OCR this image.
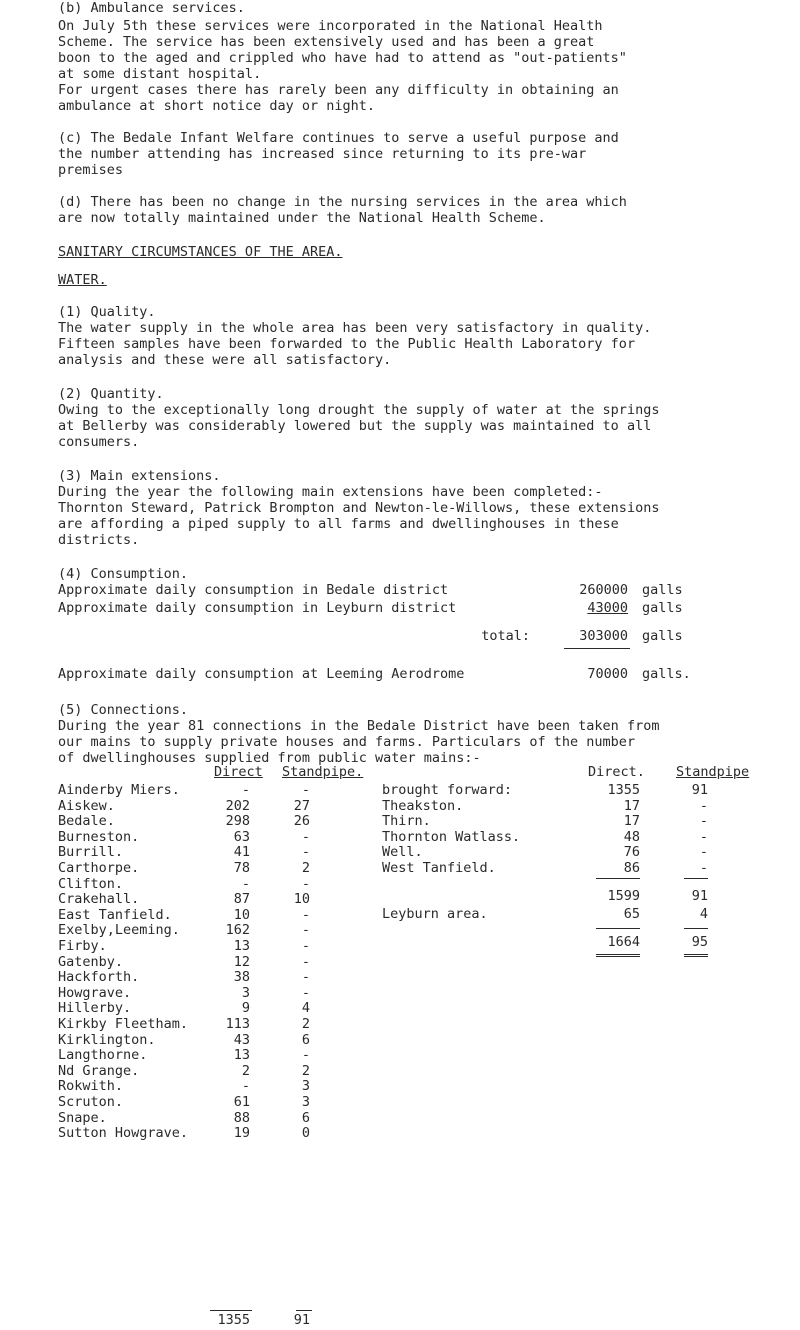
(b) Ambulance services.
On July 5th these services were incorporated in the National Health
Scheme. The service has been extensively used and has been a great
boon to the aged and crippled who have had to attend as "out-patients"
at some distant hospital.
For urgent cases there has rarely been any difficulty in obtaining an
ambulance at short notice day or night.
(c) The Bedale Infant Welfare continues to serve a useful purpose and
the number attending has increased since returning to its pre-war
premises
(d) There has been no change in the nursing services in the area which
are now totally maintained under the National Health Scheme.
SANITARY CIRCUMSTANCES OF THE AREA.
WATER.
(1) Quality.
The water supply in the whole area has been very satisfactory in quality.
Fifteen samples have been forwarded to the Public Health Laboratory for
analysis and these were all satisfactory.
(2) Quantity.
Owing to the exceptionally long drought the supply of water at the springs
at Bellerby was considerably lowered but the supply was maintained to all
consumers.
(3) Main extensions.
During the year the following main extensions have been completed:-
Thornton Steward, Patrick Brompton and Newton-le-Willows, these extensions
are affording a piped supply to all farms and dwellinghouses in these
districts.
(4) Consumption.
Approximate daily consumption in Bedale district	260000 galls
Approximate daily consumption in Leyburn district	43000 galls
total:	303000 galls
Approximate daily consumption at Leeming Aerodrome	70000 galls.
(5) Connections.
During the year 81 connections in the Bedale District have been taken from
our mains to supply private houses and farms. Particulars of the number
of dwellinghouses supplied from public water mains:-
Direct Standpipe.	Direct. Standpipe
Ainderby Miers.	-	-
Aiskew.	202	27
Bedale.	298	26
Burneston.	63	-
Burrill.	41	-
Carthorpe.	78	2
Clifton.	-	-
Crakehall.	87	10
East Tanfield.	10	-
Exelby,Leeming.	162	-
Firby.	13	-
Gatenby.	12	-
Hackforth.	38	-
Howgrave.	3	-
Hillerby.	9	4
Kirkby Fleetham.	113	2
Kirklington.	43	6
Langthorne.	13	-
Nd Grange.	2	2
Rokwith.	-	3
Scruton.	61	3
Snape.	88	6
Sutton Howgrave.	19	0
1355	91
brought forward:	1355	91
Theakston.	17	-
Thirn.	17	-
Thornton Watlass.	48	-
Well.	76	-
West Tanfield.	86	-
1599	91
Leyburn area.	65	4
1664	95
